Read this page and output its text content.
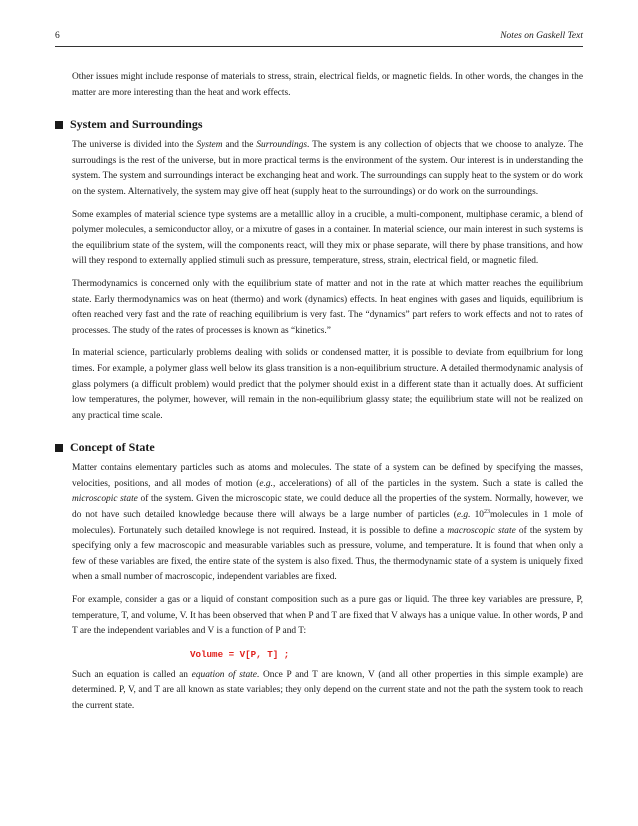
6	Notes on Gaskell Text

Other issues might include response of materials to stress, strain, electrical fields, or magnetic fields. In other words, the changes in the matter are more interesting than the heat and work effects.

System and Surroundings

The universe is divided into the System and the Surroundings. The system is any collection of objects that we choose to analyze. The surroudings is the rest of the universe, but in more practical terms is the environment of the system. Our interest is in understanding the system. The system and surroundings interact be exchanging heat and work. The surroundings can supply heat to the system or do work on the system. Alternatively, the system may give off heat (supply heat to the surroundings) or do work on the surroundings.

Some examples of material science type systems are a metalllic alloy in a crucible, a multi-component, multiphase ceramic, a blend of polymer molecules, a semiconductor alloy, or a mixutre of gases in a container. In material science, our main interest in such systems is the equilibrium state of the system, will the components react, will they mix or phase separate, will there by phase transitions, and how will they respond to externally applied stimuli such as pressure, temperature, stress, strain, electrical field, or magnetic filed.

Thermodynamics is concerned only with the equilibrium state of matter and not in the rate at which matter reaches the equilibrium state. Early thermodynamics was on heat (thermo) and work (dynamics) effects. In heat engines with gases and liquids, equilibrium is often reached very fast and the rate of reaching equilibrium is very fast. The “dynamics” part refers to work effects and not to rates of processes. The study of the rates of processes is known as “kinetics.”

In material science, particularly problems dealing with solids or condensed matter, it is possible to deviate from equilbrium for long times. For example, a polymer glass well below its glass transition is a non-equilibrium structure. A detailed thermodynamic analysis of glass polymers (a difficult problem) would predict that the polymer should exist in a different state than it actually does. At sufficient low temperatures, the polymer, however, will remain in the non-equilibrium glassy state; the equilibrium state will not be realized on any practical time scale.

Concept of State

Matter contains elementary particles such as atoms and molecules. The state of a system can be defined by specifying the masses, velocities, positions, and all modes of motion (e.g., accelerations) of all of the particles in the system. Such a state is called the microscopic state of the system. Given the microscopic state, we could deduce all the properties of the system. Normally, however, we do not have such detailed knowledge because there will always be a large number of particles (e.g. $10^{23}molecules$ in 1 mole of molecules). Fortunately such detailed knowlege is not required. Instead, it is possible to define a macroscopic state of the system by specifying only a few macroscopic and measurable variables such as pressure, volume, and temperature. It is found that when only a few of these variables are fixed, the entire state of the system is also fixed. Thus, the thermodynamic state of a system is uniquely fixed when a small number of macroscopic, independent variables are fixed.

For example, consider a gas or a liquid of constant composition such as a pure gas or liquid. The three key variables are pressure, P, temperature, T, and volume, V. It has been observed that when P and T are fixed that V always has a unique value. In other words, P and T are the independent variables and V is a function of P and T:

Volume = V[P, T] ;

Such an equation is called an equation of state. Once P and T are known, V (and all other properties in this simple example) are determined. P, V, and T are all known as state variables; they only depend on the current state and not the path the system took to reach the current state.
